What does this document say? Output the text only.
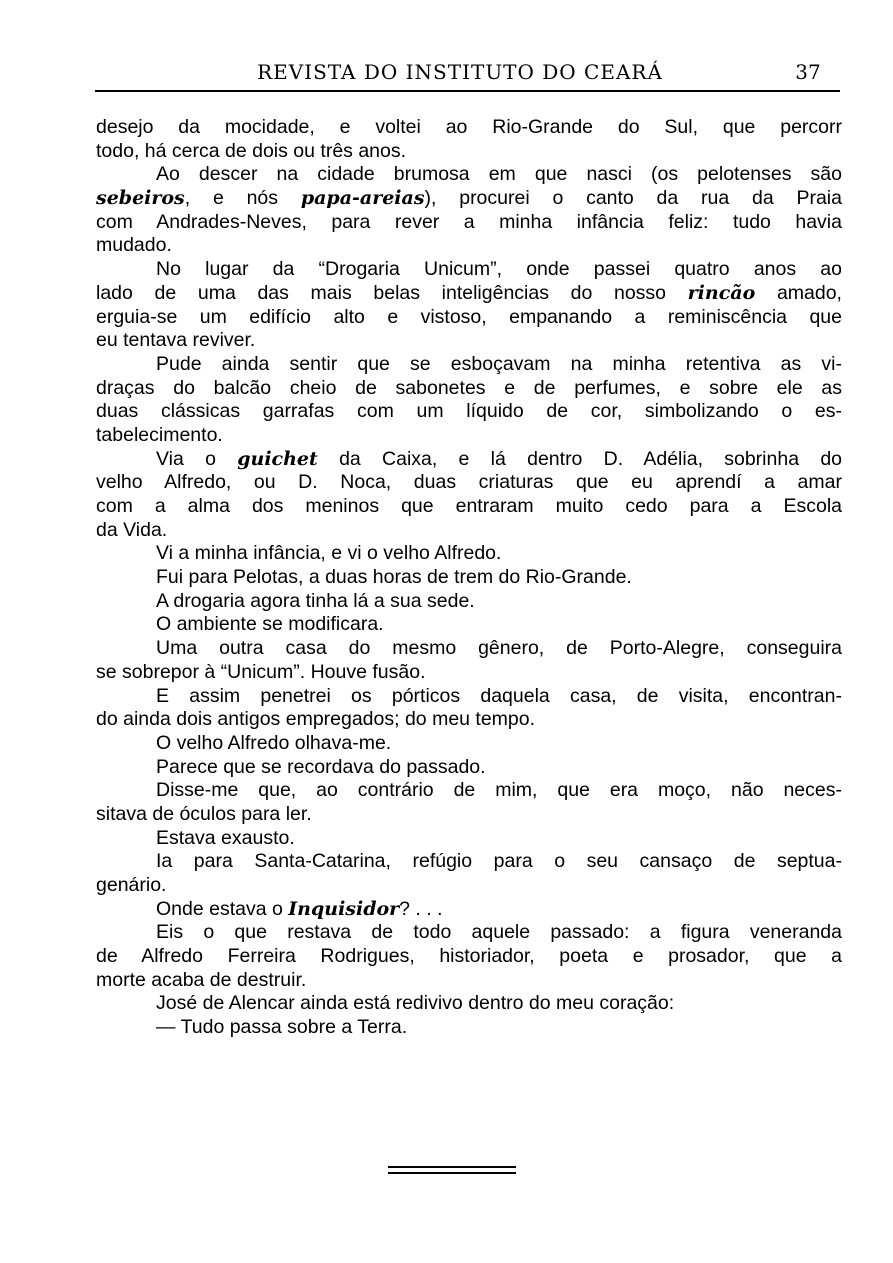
REVISTA DO INSTITUTO DO CEARÁ	37
desejo da mocidade, e voltei ao Rio-Grande do Sul, que percorr
todo, há cerca de dois ou três anos.
Ao descer na cidade brumosa em que nasci (os pelotenses são
sebeiros, e nós papa-areias), procurei o canto da rua da Praia
com Andrades-Neves, para rever a minha infância feliz: tudo havia
mudado.
No lugar da “Drogaria Unicum”, onde passei quatro anos ao
lado de uma das mais belas inteligências do nosso rincão amado,
erguia-se um edifício alto e vistoso, empanando a reminiscência que
eu tentava reviver.
Pude ainda sentir que se esboçavam na minha retentiva as vi-
draças do balcão cheio de sabonetes e de perfumes, e sobre ele as
duas clássicas garrafas com um líquido de cor, simbolizando o es-
tabelecimento.
Via o guichet da Caixa, e lá dentro D. Adélia, sobrinha do
velho Alfredo, ou D. Noca, duas criaturas que eu aprendí a amar
com a alma dos meninos que entraram muito cedo para a Escola
da Vida.
Vi a minha infância, e vi o velho Alfredo.
Fui para Pelotas, a duas horas de trem do Rio-Grande.
A drogaria agora tinha lá a sua sede.
O ambiente se modificara.
Uma outra casa do mesmo gênero, de Porto-Alegre, conseguira
se sobrepor à “Unicum”. Houve fusão.
E assim penetrei os pórticos daquela casa, de visita, encontran-
do ainda dois antigos empregados; do meu tempo.
O velho Alfredo olhava-me.
Parece que se recordava do passado.
Disse-me que, ao contrário de mim, que era moço, não neces-
sitava de óculos para ler.
Estava exausto.
Ia para Santa-Catarina, refúgio para o seu cansaço de septua-
genário.
Onde estava o Inquisidor? . . .
Eis o que restava de todo aquele passado: a figura veneranda
de Alfredo Ferreira Rodrigues, historiador, poeta e prosador, que a
morte acaba de destruir.
José de Alencar ainda está redivivo dentro do meu coração:
— Tudo passa sobre a Terra.
